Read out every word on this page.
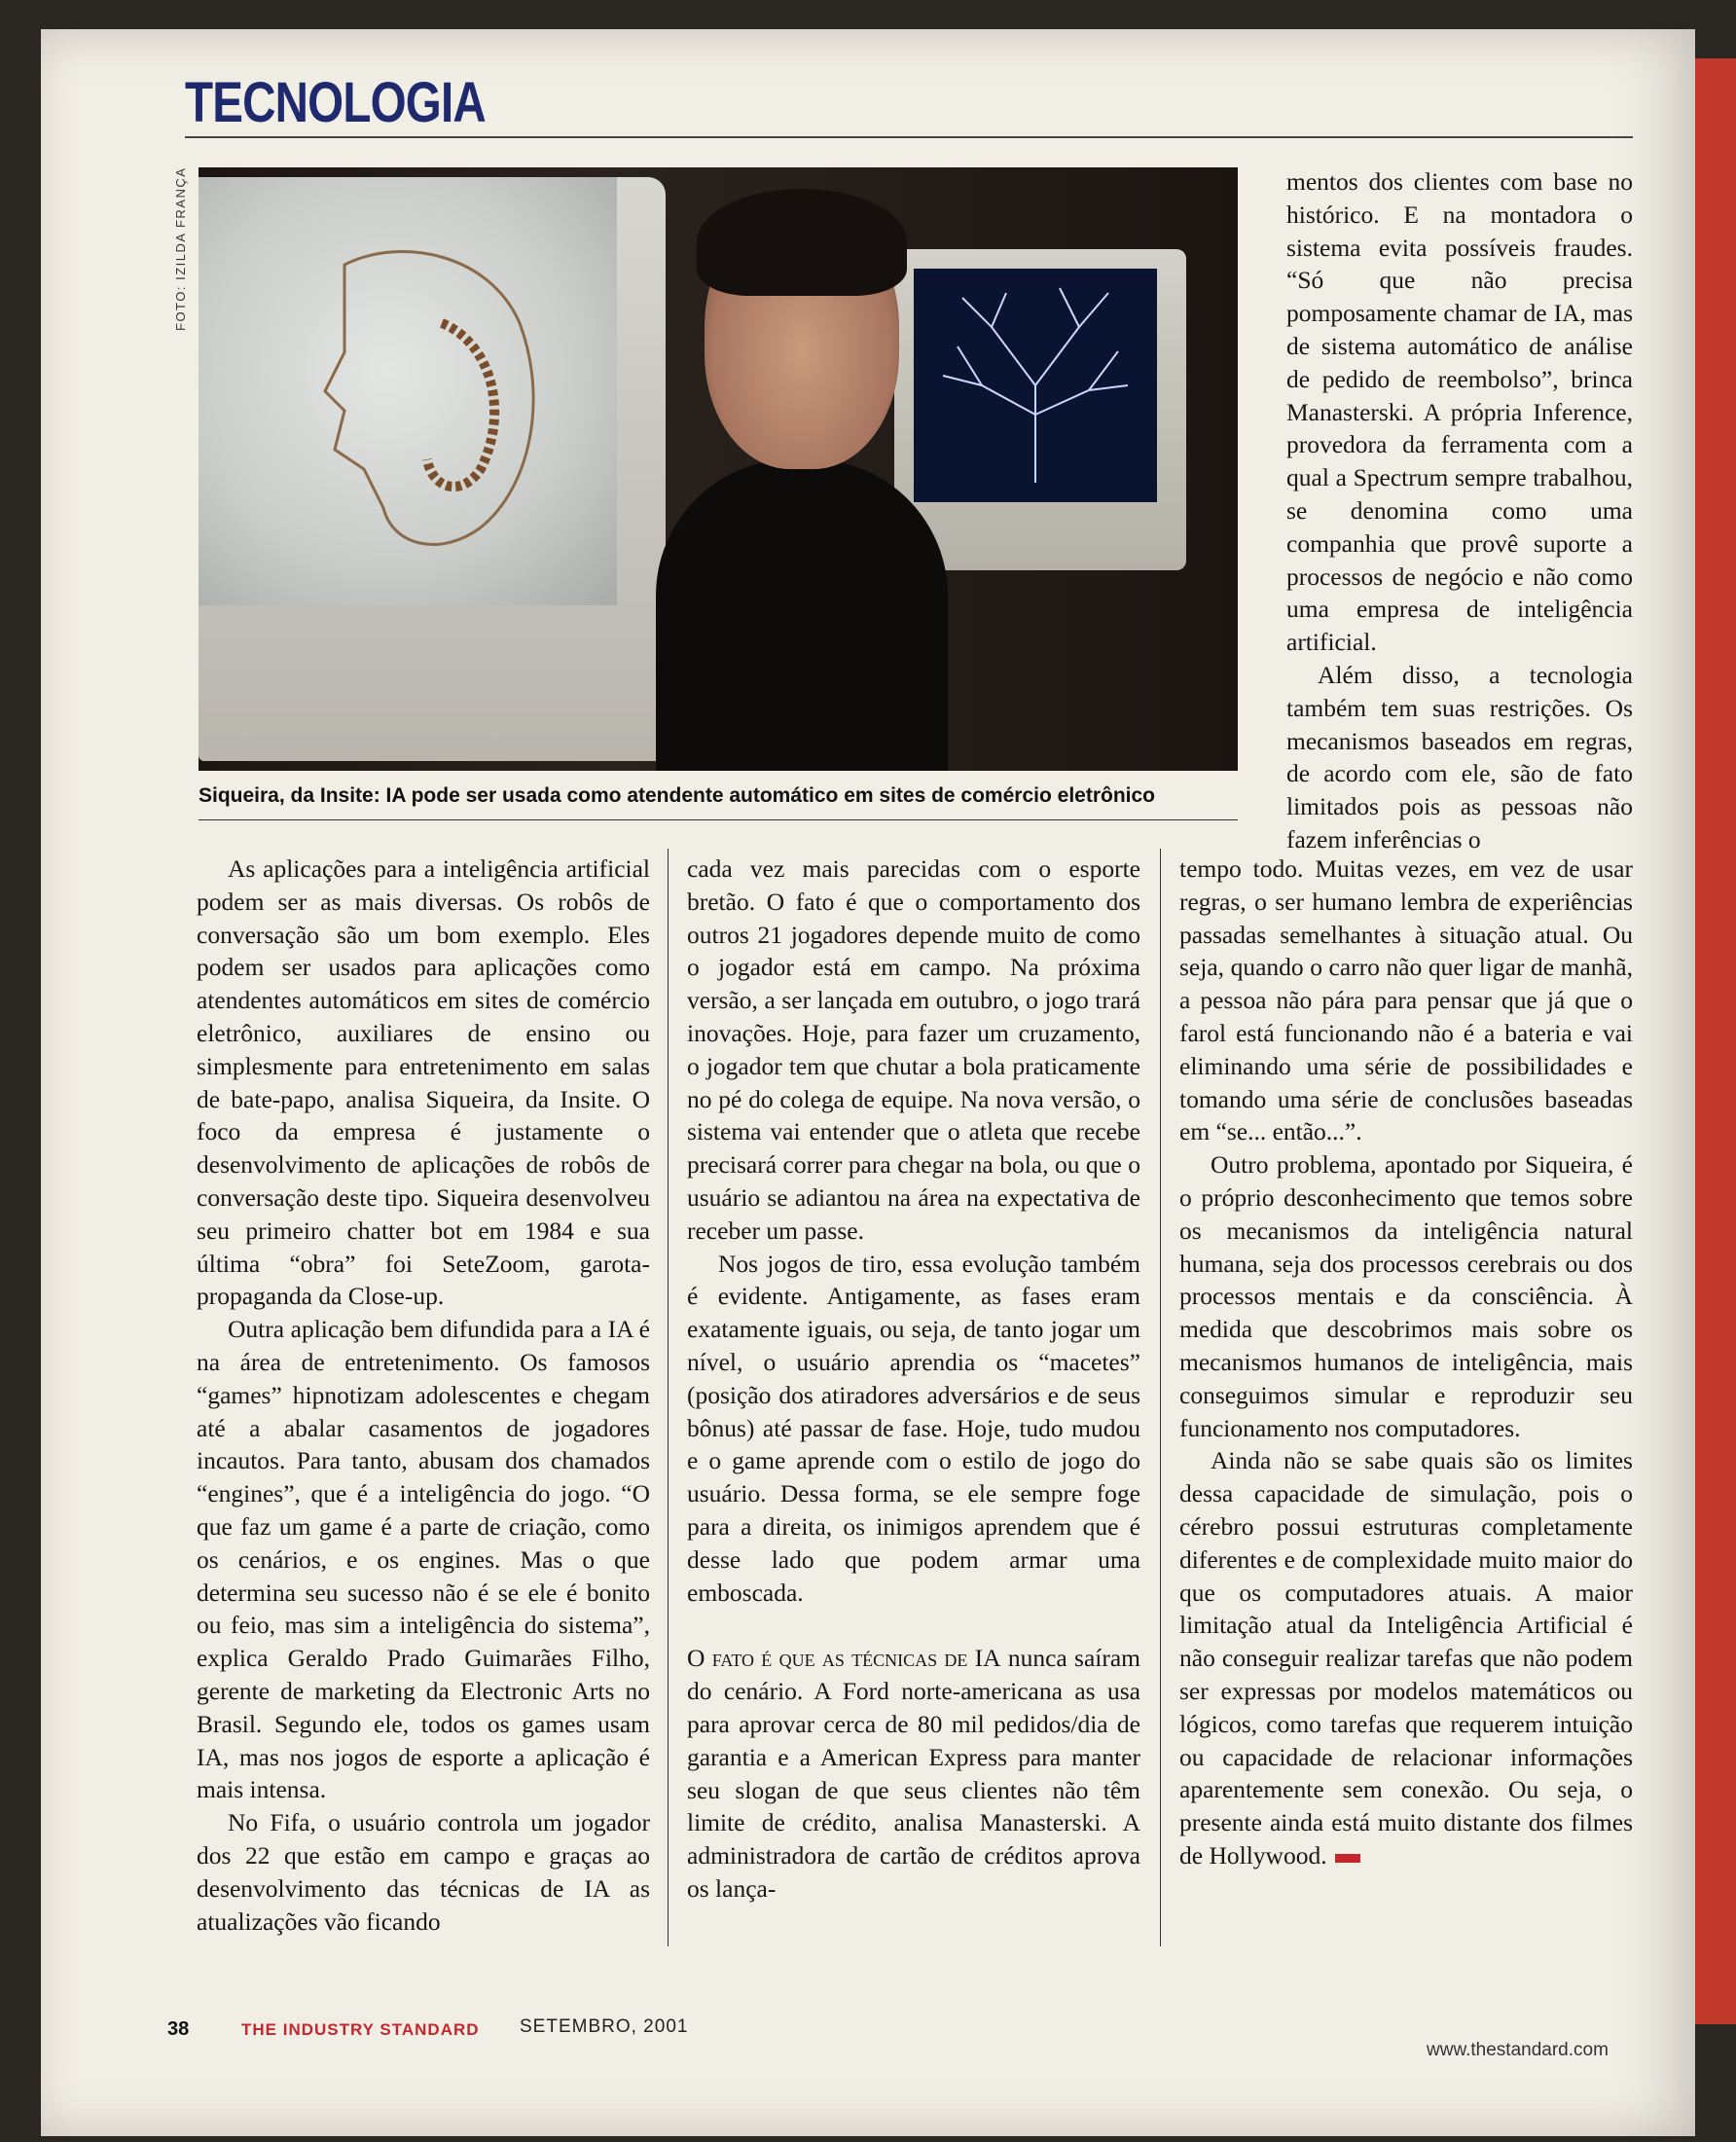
TECNOLOGIA
FOTO: IZILDA FRANÇA
Siqueira, da Insite: IA pode ser usada como atendente automático em sites de comércio eletrônico

As aplicações para a inteligência artificial podem ser as mais diversas. Os robôs de conversação são um bom exemplo. Eles podem ser usados para aplicações como atendentes automáticos em sites de comércio eletrônico, auxiliares de ensino ou simplesmente para entretenimento em salas de bate-papo, analisa Siqueira, da Insite. O foco da empresa é justamente o desenvolvimento de aplicações de robôs de conversação deste tipo. Siqueira desenvolveu seu primeiro chatter bot em 1984 e sua última “obra” foi SeteZoom, garota-propaganda da Close-up.

Outra aplicação bem difundida para a IA é na área de entretenimento. Os famosos “games” hipnotizam adolescentes e chegam até a abalar casamentos de jogadores incautos. Para tanto, abusam dos chamados “engines”, que é a inteligência do jogo. “O que faz um game é a parte de criação, como os cenários, e os engines. Mas o que determina seu sucesso não é se ele é bonito ou feio, mas sim a inteligência do sistema”, explica Geraldo Prado Guimarães Filho, gerente de marketing da Electronic Arts no Brasil. Segundo ele, todos os games usam IA, mas nos jogos de esporte a aplicação é mais intensa.

No Fifa, o usuário controla um jogador dos 22 que estão em campo e graças ao desenvolvimento das técnicas de IA as atualizações vão ficando

cada vez mais parecidas com o esporte bretão. O fato é que o comportamento dos outros 21 jogadores depende muito de como o jogador está em campo. Na próxima versão, a ser lançada em outubro, o jogo trará inovações. Hoje, para fazer um cruzamento, o jogador tem que chutar a bola praticamente no pé do colega de equipe. Na nova versão, o sistema vai entender que o atleta que recebe precisará correr para chegar na bola, ou que o usuário se adiantou na área na expectativa de receber um passe.

Nos jogos de tiro, essa evolução também é evidente. Antigamente, as fases eram exatamente iguais, ou seja, de tanto jogar um nível, o usuário aprendia os “macetes” (posição dos atiradores adversários e de seus bônus) até passar de fase. Hoje, tudo mudou e o game aprende com o estilo de jogo do usuário. Dessa forma, se ele sempre foge para a direita, os inimigos aprendem que é desse lado que podem armar uma emboscada.

O fato é que as técnicas de IA nunca saíram do cenário. A Ford norte-americana as usa para aprovar cerca de 80 mil pedidos/dia de garantia e a American Express para manter seu slogan de que seus clientes não têm limite de crédito, analisa Manasterski. A administradora de cartão de créditos aprova os lança-

mentos dos clientes com base no histórico. E na montadora o sistema evita possíveis fraudes. “Só que não precisa pomposamente chamar de IA, mas de sistema automático de análise de pedido de reembolso”, brinca Manasterski. A própria Inference, provedora da ferramenta com a qual a Spectrum sempre trabalhou, se denomina como uma companhia que provê suporte a processos de negócio e não como uma empresa de inteligência artificial.

Além disso, a tecnologia também tem suas restrições. Os mecanismos baseados em regras, de acordo com ele, são de fato limitados pois as pessoas não fazem inferências o

tempo todo. Muitas vezes, em vez de usar regras, o ser humano lembra de experiências passadas semelhantes à situação atual. Ou seja, quando o carro não quer ligar de manhã, a pessoa não pára para pensar que já que o farol está funcionando não é a bateria e vai eliminando uma série de possibilidades e tomando uma série de conclusões baseadas em “se... então...”.

Outro problema, apontado por Siqueira, é o próprio desconhecimento que temos sobre os mecanismos da inteligência natural humana, seja dos processos cerebrais ou dos processos mentais e da consciência. À medida que descobrimos mais sobre os mecanismos humanos de inteligência, mais conseguimos simular e reproduzir seu funcionamento nos computadores.

Ainda não se sabe quais são os limites dessa capacidade de simulação, pois o cérebro possui estruturas completamente diferentes e de complexidade muito maior do que os computadores atuais. A maior limitação atual da Inteligência Artificial é não conseguir realizar tarefas que não podem ser expressas por modelos matemáticos ou lógicos, como tarefas que requerem intuição ou capacidade de relacionar informações aparentemente sem conexão. Ou seja, o presente ainda está muito distante dos filmes de Hollywood.

38	THE INDUSTRY STANDARD SETEMBRO, 2001
www.thestandard.com
